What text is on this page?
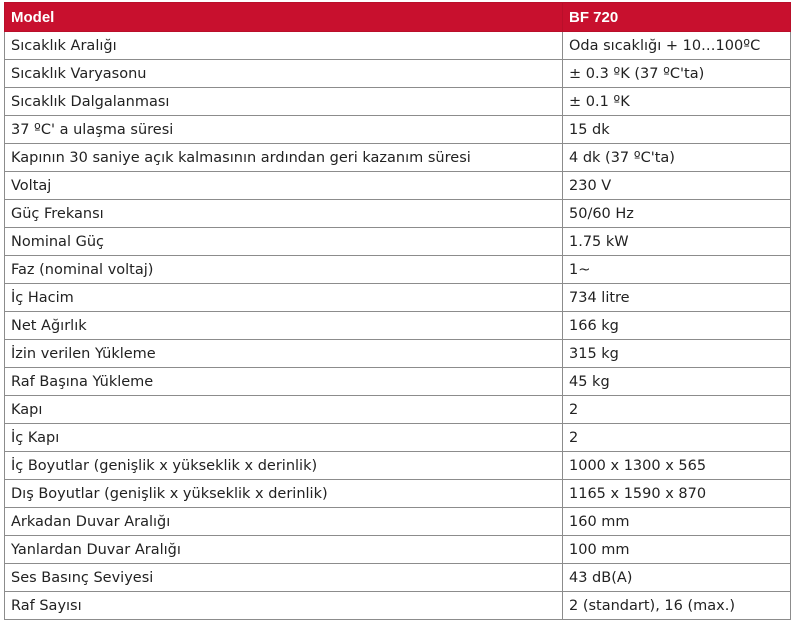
Model	BF 720
Sıcaklık Aralığı	Oda sıcaklığı + 10…100ºC
Sıcaklık Varyasonu	± 0.3 ºK (37 ºC'ta)
Sıcaklık Dalgalanması	± 0.1 ºK
37 ºC' a ulaşma süresi	15 dk
Kapının 30 saniye açık kalmasının ardından geri kazanım süresi	4 dk (37 ºC'ta)
Voltaj	230 V
Güç Frekansı	50/60 Hz
Nominal Güç	1.75 kW
Faz (nominal voltaj)	1~
İç Hacim	734 litre
Net Ağırlık	166 kg
İzin verilen Yükleme	315 kg
Raf Başına Yükleme	45 kg
Kapı	2
İç Kapı	2
İç Boyutlar (genişlik x yükseklik x derinlik)	1000 x 1300 x 565
Dış Boyutlar (genişlik x yükseklik x derinlik)	1165 x 1590 x 870
Arkadan Duvar Aralığı	160 mm
Yanlardan Duvar Aralığı	100 mm
Ses Basınç Seviyesi	43 dB(A)
Raf Sayısı	2 (standart), 16 (max.)
